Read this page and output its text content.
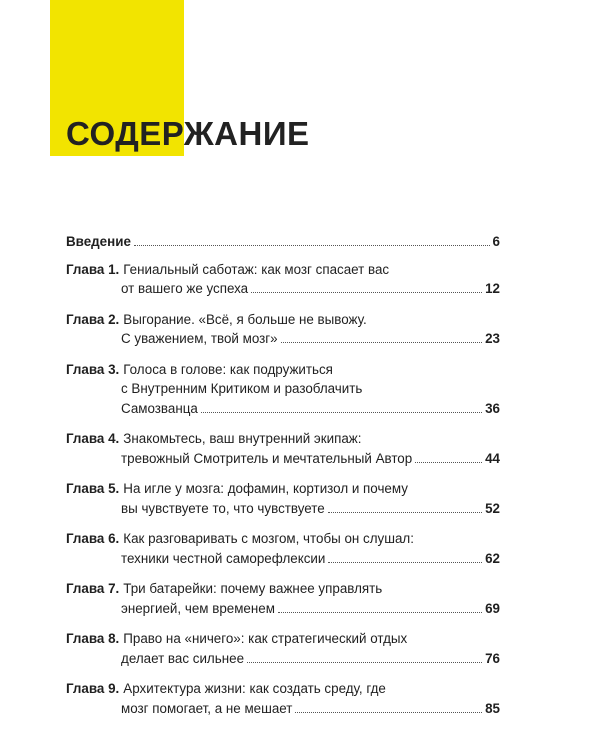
СОДЕРЖАНИЕ
Введение	6
Глава 1. Гениальный саботаж: как мозг спасает вас
от вашего же успеха	12
Глава 2. Выгорание. «Всё, я больше не вывожу.
С уважением, твой мозг»	23
Глава 3. Голоса в голове: как подружиться
с Внутренним Критиком и разоблачить
Самозванца	36
Глава 4. Знакомьтесь, ваш внутренний экипаж:
тревожный Смотритель и мечтательный Автор	44
Глава 5. На игле у мозга: дофамин, кортизол и почему
вы чувствуете то, что чувствуете	52
Глава 6. Как разговаривать с мозгом, чтобы он слушал:
техники честной саморефлексии	62
Глава 7. Три батарейки: почему важнее управлять
энергией, чем временем	69
Глава 8. Право на «ничего»: как стратегический отдых
делает вас сильнее	76
Глава 9. Архитектура жизни: как создать среду, где
мозг помогает, а не мешает	85
